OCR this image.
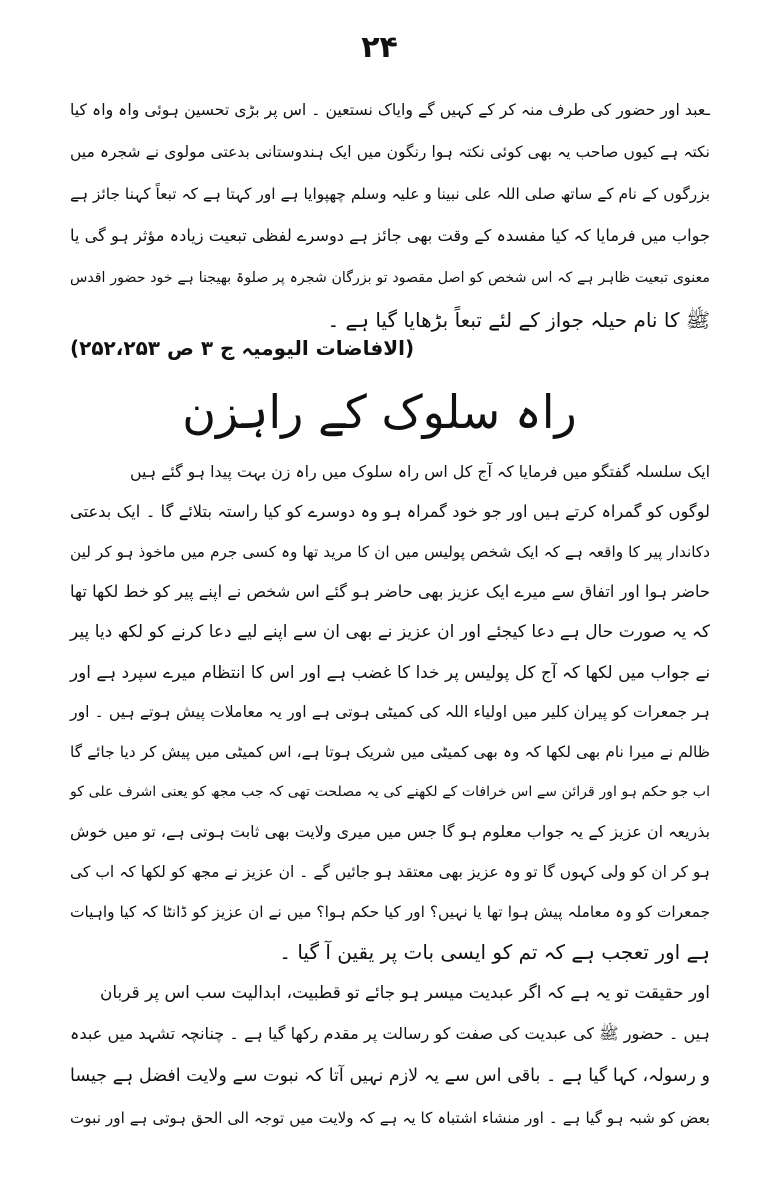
۲۴
ـعبد اور حضور کی طرف منہ کر کے کہیں گے وایاک نستعین ۔ اس پر بڑی تحسین ہوئی واہ واہ کیا
نکتہ ہے کیوں صاحب یہ بھی کوئی نکتہ ہوا رنگون میں ایک ہندوستانی بدعتی مولوی نے شجرہ میں
بزرگوں کے نام کے ساتھ صلی اللہ علی نبینا و علیہ وسلم چھپوایا ہے اور کہتا ہے کہ تبعاً کہنا جائز ہے
جواب میں فرمایا کہ کیا مفسدہ کے وقت بھی جائز ہے دوسرے لفظی تبعیت زیادہ مؤثر ہو گی یا
معنوی تبعیت ظاہر ہے کہ اس شخص کو اصل مقصود تو بزرگان شجرہ پر صلوۃ بھیجنا ہے خود حضور اقدس
ﷺ کا نام حیلہ جواز کے لئے تبعاً بڑھایا گیا ہے ۔
(الافاضات الیومیہ ج ۳ ص ۲۵۲،۲۵۳)
راہ سلوک کے راہزن
ایک سلسلہ گفتگو میں فرمایا کہ آج کل اس راہ سلوک میں راہ زن بہت پیدا ہو گئے ہیں
لوگوں کو گمراہ کرتے ہیں اور جو خود گمراہ ہو وہ دوسرے کو کیا راستہ بتلائے گا ۔ ایک بدعتی
دکاندار پیر کا واقعہ ہے کہ ایک شخص پولیس میں ان کا مرید تھا وہ کسی جرم میں ماخوذ ہو کر لین
حاضر ہوا اور اتفاق سے میرے ایک عزیز بھی حاضر ہو گئے اس شخص نے اپنے پیر کو خط لکھا تھا
کہ یہ صورت حال ہے دعا کیجئے اور ان عزیز نے بھی ان سے اپنے لیے دعا کرنے کو لکھ دیا پیر
نے جواب میں لکھا کہ آج کل پولیس پر خدا کا غضب ہے اور اس کا انتظام میرے سپرد ہے اور
ہر جمعرات کو پیران کلیر میں اولیاء اللہ کی کمیٹی ہوتی ہے اور یہ معاملات پیش ہوتے ہیں ۔ اور
ظالم نے میرا نام بھی لکھا کہ وہ بھی کمیٹی میں شریک ہوتا ہے، اس کمیٹی میں پیش کر دیا جائے گا
اب جو حکم ہو اور قرائن سے اس خرافات کے لکھنے کی یہ مصلحت تھی کہ جب مجھ کو یعنی اشرف علی کو
بذریعہ ان عزیز کے یہ جواب معلوم ہو گا جس میں میری ولایت بھی ثابت ہوتی ہے، تو میں خوش
ہو کر ان کو ولی کہوں گا تو وہ عزیز بھی معتقد ہو جائیں گے ۔ ان عزیز نے مجھ کو لکھا کہ اب کی
جمعرات کو وہ معاملہ پیش ہوا تھا یا نہیں؟ اور کیا حکم ہوا؟ میں نے ان عزیز کو ڈانٹا کہ کیا واہیات
ہے اور تعجب ہے کہ تم کو ایسی بات پر یقین آ گیا ۔
اور حقیقت تو یہ ہے کہ اگر عبدیت میسر ہو جائے تو قطبیت، ابدالیت سب اس پر قربان
ہیں ۔ حضور ﷺ کی عبدیت کی صفت کو رسالت پر مقدم رکھا گیا ہے ۔ چنانچہ تشہد میں عبدہ
و رسولہ، کہا گیا ہے ۔ باقی اس سے یہ لازم نہیں آتا کہ نبوت سے ولایت افضل ہے جیسا
بعض کو شبہ ہو گیا ہے ۔ اور منشاء اشتباہ کا یہ ہے کہ ولایت میں توجہ الی الحق ہوتی ہے اور نبوت
